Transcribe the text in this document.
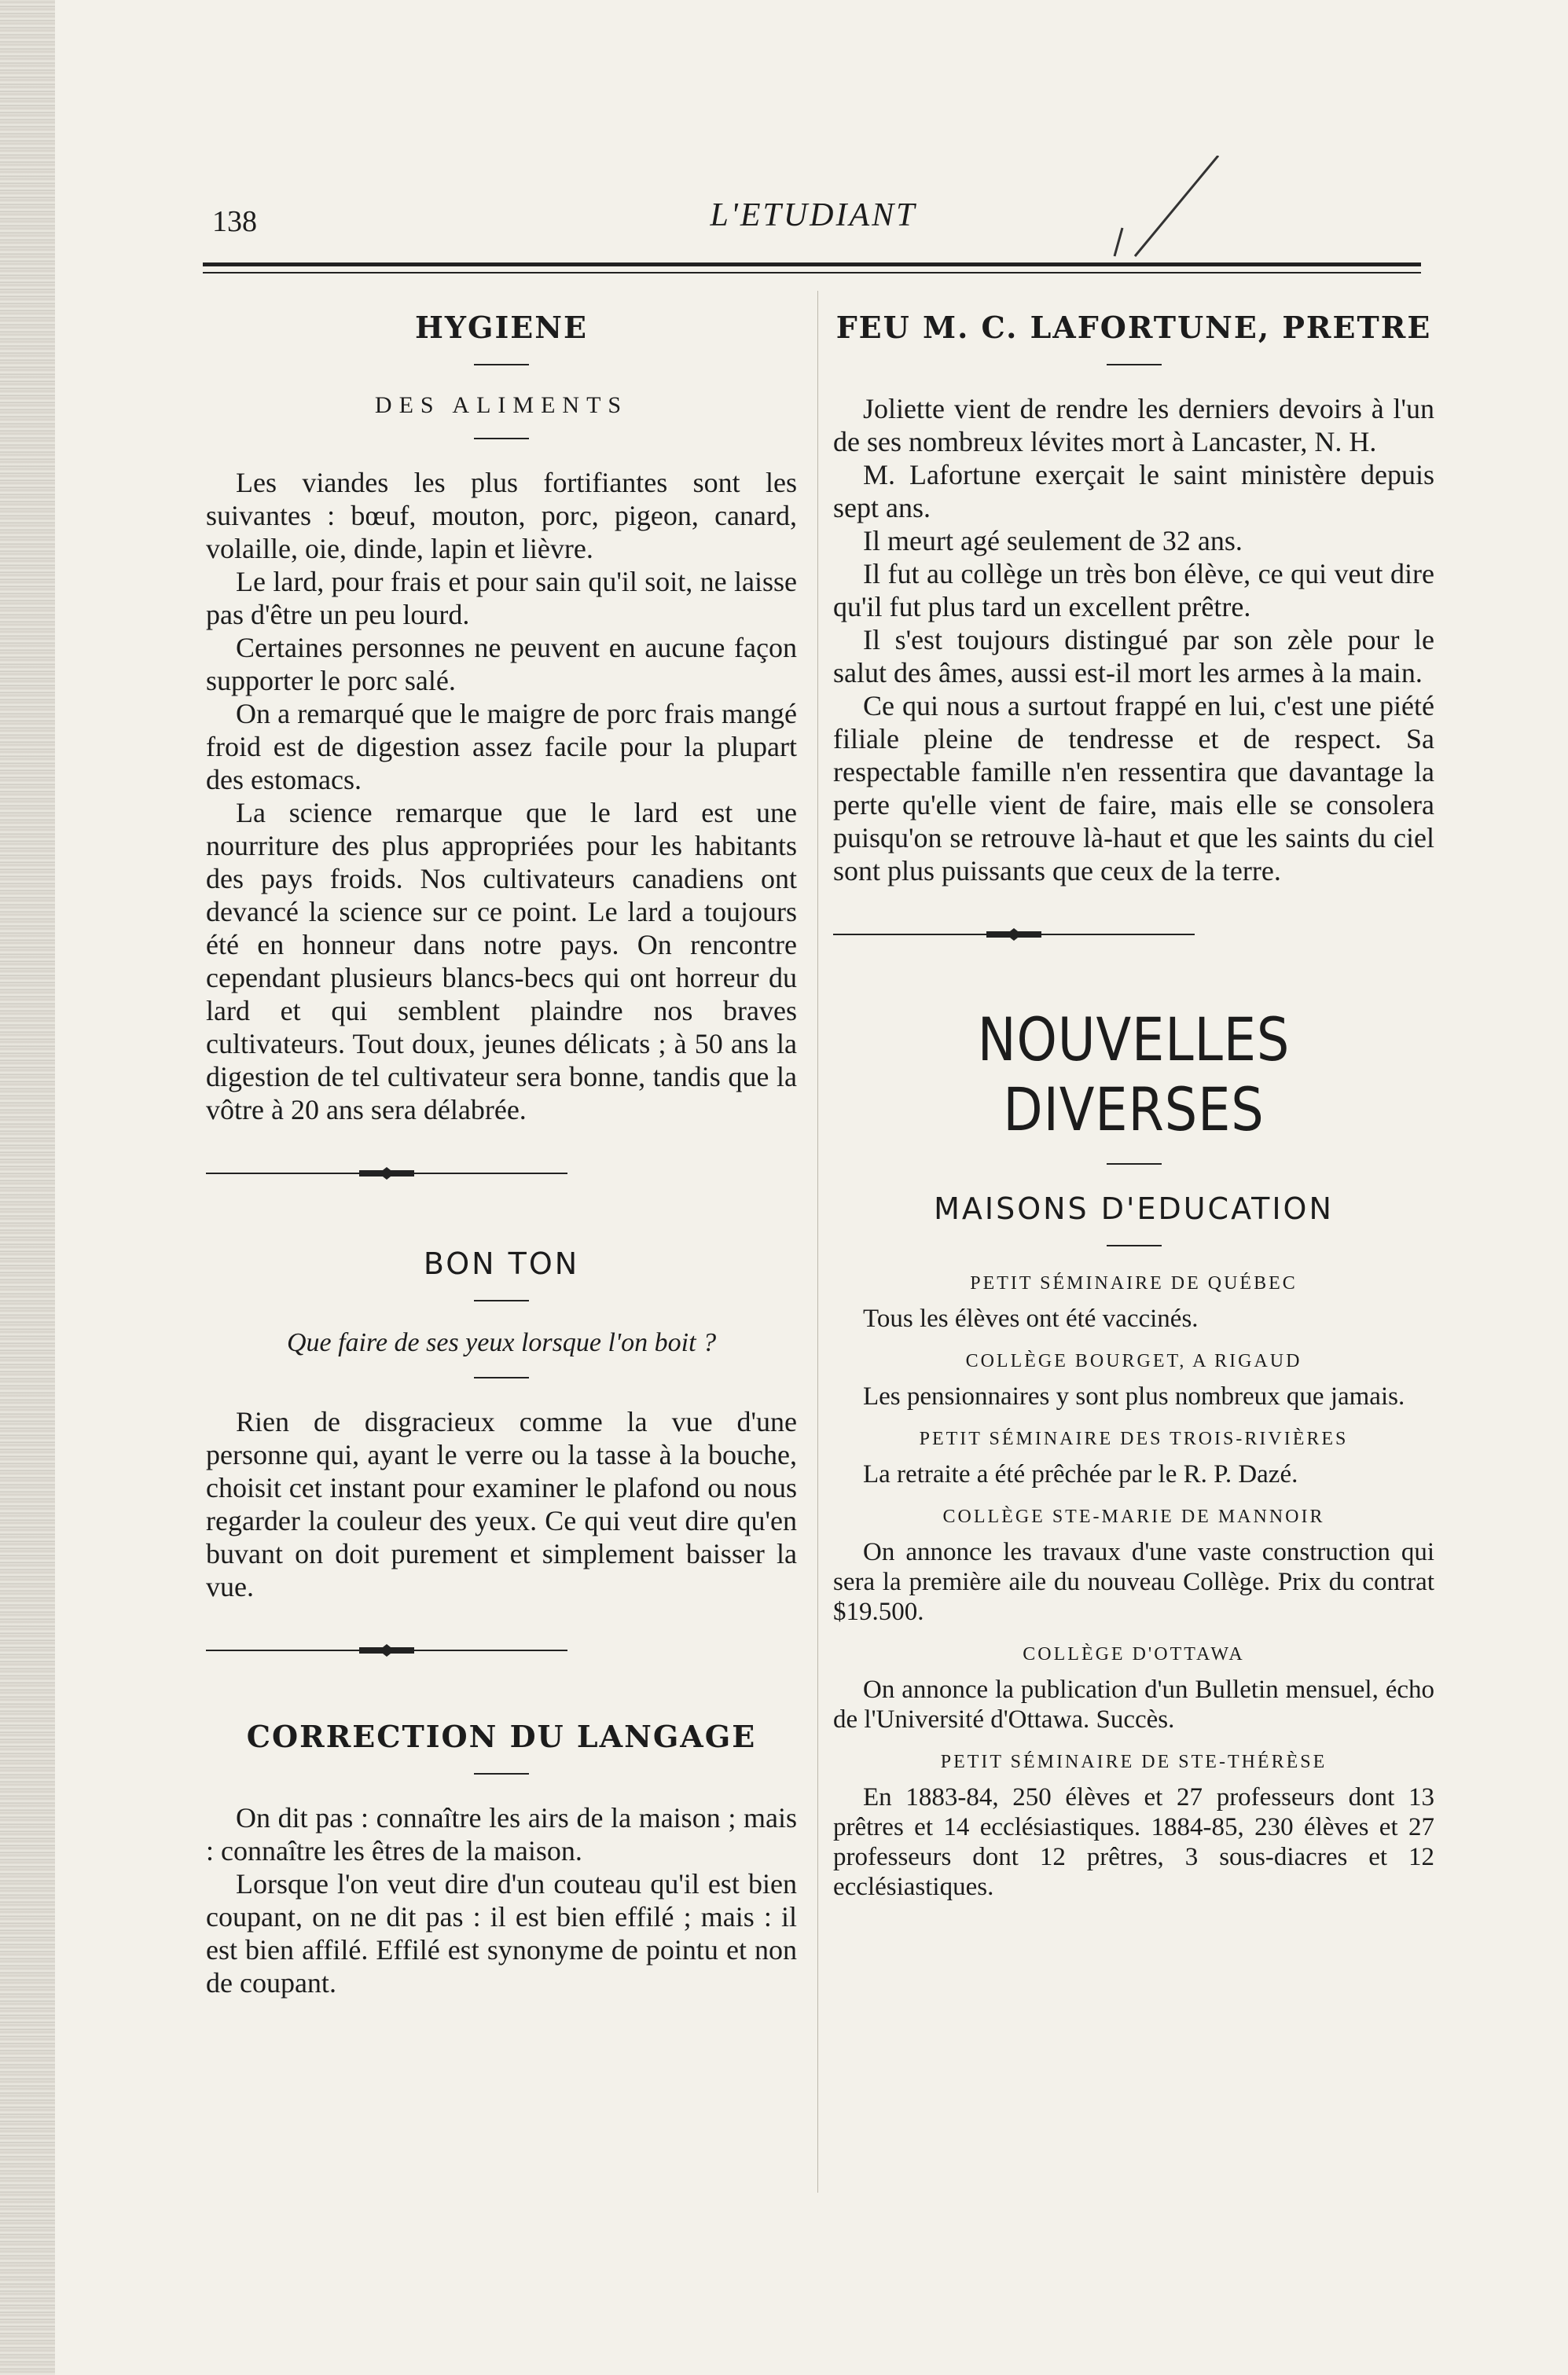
138	L'ETUDIANT
HYGIENE
DES ALIMENTS

Les viandes les plus fortifiantes sont les suivantes : bœuf, mouton, porc, pigeon, canard, volaille, oie, dinde, lapin et lièvre.

Le lard, pour frais et pour sain qu'il soit, ne laisse pas d'être un peu lourd.

Certaines personnes ne peuvent en aucune façon supporter le porc salé.

On a remarqué que le maigre de porc frais mangé froid est de digestion assez facile pour la plupart des estomacs.

La science remarque que le lard est une nourriture des plus appropriées pour les habitants des pays froids. Nos cultivateurs canadiens ont devancé la science sur ce point. Le lard a toujours été en honneur dans notre pays. On rencontre cependant plusieurs blancs-becs qui ont horreur du lard et qui semblent plaindre nos braves cultivateurs. Tout doux, jeunes délicats ; à 50 ans la digestion de tel cultivateur sera bonne, tandis que la vôtre à 20 ans sera délabrée.

BON TON
Que faire de ses yeux lorsque l'on boit ?

Rien de disgracieux comme la vue d'une personne qui, ayant le verre ou la tasse à la bouche, choisit cet instant pour examiner le plafond ou nous regarder la couleur des yeux. Ce qui veut dire qu'en buvant on doit purement et simplement baisser la vue.

CORRECTION DU LANGAGE

On dit pas : connaître les airs de la maison ; mais : connaître les êtres de la maison.

Lorsque l'on veut dire d'un couteau qu'il est bien coupant, on ne dit pas : il est bien effilé ; mais : il est bien affilé. Effilé est synonyme de pointu et non de coupant.

FEU M. C. LAFORTUNE, PRETRE

Joliette vient de rendre les derniers devoirs à l'un de ses nombreux lévites mort à Lancaster, N. H.

M. Lafortune exerçait le saint ministère depuis sept ans.

Il meurt agé seulement de 32 ans.

Il fut au collège un très bon élève, ce qui veut dire qu'il fut plus tard un excellent prêtre.

Il s'est toujours distingué par son zèle pour le salut des âmes, aussi est-il mort les armes à la main.

Ce qui nous a surtout frappé en lui, c'est une piété filiale pleine de tendresse et de respect. Sa respectable famille n'en ressentira que davantage la perte qu'elle vient de faire, mais elle se consolera puisqu'on se retrouve là-haut et que les saints du ciel sont plus puissants que ceux de la terre.

NOUVELLES DIVERSES
MAISONS D'EDUCATION
PETIT SÉMINAIRE DE QUÉBEC

Tous les élèves ont été vaccinés.

COLLÈGE BOURGET, A RIGAUD

Les pensionnaires y sont plus nombreux que jamais.

PETIT SÉMINAIRE DES TROIS-RIVIÈRES

La retraite a été prêchée par le R. P. Dazé.

COLLÈGE STE-MARIE DE MANNOIR

On annonce les travaux d'une vaste construction qui sera la première aile du nouveau Collège. Prix du contrat $19.500.

COLLÈGE D'OTTAWA

On annonce la publication d'un Bulletin mensuel, écho de l'Université d'Ottawa. Succès.

PETIT SÉMINAIRE DE STE-THÉRÈSE

En 1883-84, 250 élèves et 27 professeurs dont 13 prêtres et 14 ecclésiastiques. 1884-85, 230 élèves et 27 professeurs dont 12 prêtres, 3 sous-diacres et 12 ecclésiastiques.
